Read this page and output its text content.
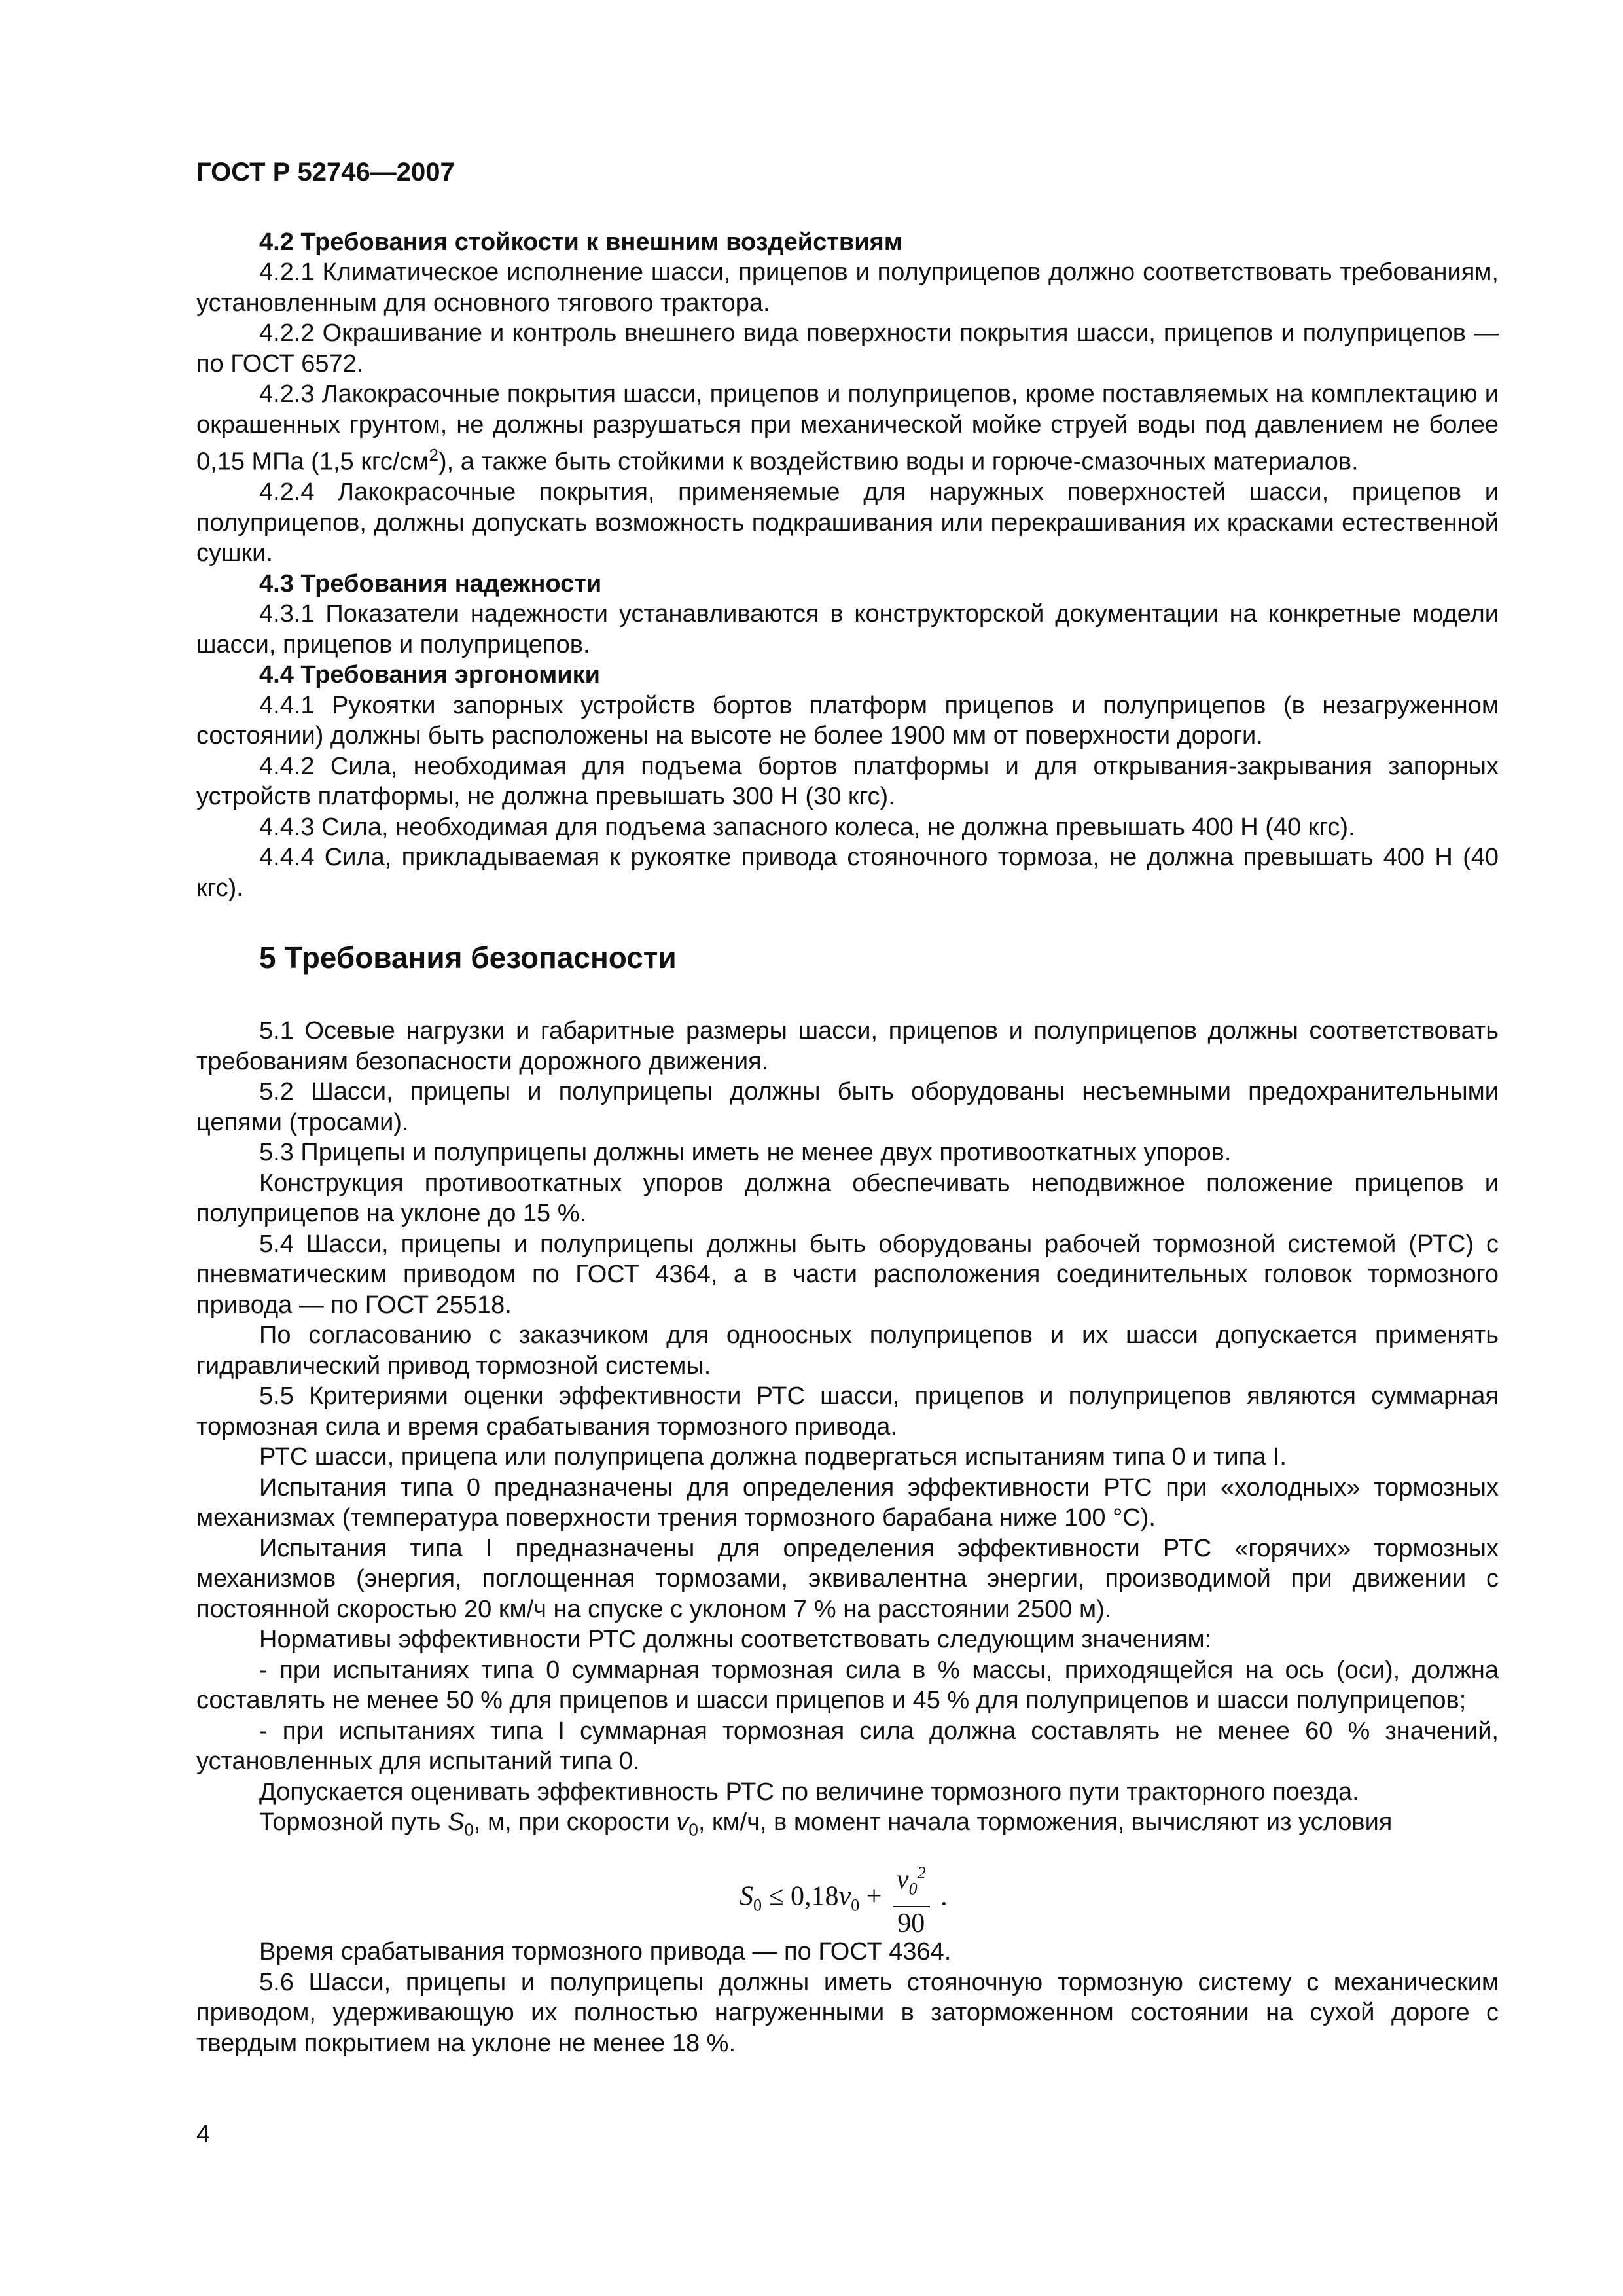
ГОСТ Р 52746—2007

4.2 Требования стойкости к внешним воздействиям

4.2.1 Климатическое исполнение шасси, прицепов и полуприцепов должно соответствовать требованиям, установленным для основного тягового трактора.

4.2.2 Окрашивание и контроль внешнего вида поверхности покрытия шасси, прицепов и полуприцепов — по ГОСТ 6572.

4.2.3 Лакокрасочные покрытия шасси, прицепов и полуприцепов, кроме поставляемых на комплектацию и окрашенных грунтом, не должны разрушаться при механической мойке струей воды под давлением не более 0,15 МПа (1,5 кгс/$см^2$), а также быть стойкими к воздействию воды и горюче-смазочных материалов.

4.2.4 Лакокрасочные покрытия, применяемые для наружных поверхностей шасси, прицепов и полуприцепов, должны допускать возможность подкрашивания или перекрашивания их красками естественной сушки.

4.3 Требования надежности

4.3.1 Показатели надежности устанавливаются в конструкторской документации на конкретные модели шасси, прицепов и полуприцепов.

4.4 Требования эргономики

4.4.1 Рукоятки запорных устройств бортов платформ прицепов и полуприцепов (в незагруженном состоянии) должны быть расположены на высоте не более 1900 мм от поверхности дороги.

4.4.2 Сила, необходимая для подъема бортов платформы и для открывания-закрывания запорных устройств платформы, не должна превышать 300 Н (30 кгс).

4.4.3 Сила, необходимая для подъема запасного колеса, не должна превышать 400 Н (40 кгс).

4.4.4 Сила, прикладываемая к рукоятке привода стояночного тормоза, не должна превышать 400 Н (40 кгс).

5 Требования безопасности

5.1 Осевые нагрузки и габаритные размеры шасси, прицепов и полуприцепов должны соответствовать требованиям безопасности дорожного движения.

5.2 Шасси, прицепы и полуприцепы должны быть оборудованы несъемными предохранительными цепями (тросами).

5.3 Прицепы и полуприцепы должны иметь не менее двух противооткатных упоров.

Конструкция противооткатных упоров должна обеспечивать неподвижное положение прицепов и полуприцепов на уклоне до 15 %.

5.4 Шасси, прицепы и полуприцепы должны быть оборудованы рабочей тормозной системой (РТС) с пневматическим приводом по ГОСТ 4364, а в части расположения соединительных головок тормозного привода — по ГОСТ 25518.

По согласованию с заказчиком для одноосных полуприцепов и их шасси допускается применять гидравлический привод тормозной системы.

5.5 Критериями оценки эффективности РТС шасси, прицепов и полуприцепов являются суммарная тормозная сила и время срабатывания тормозного привода.

РТС шасси, прицепа или полуприцепа должна подвергаться испытаниям типа 0 и типа I.

Испытания типа 0 предназначены для определения эффективности РТС при «холодных» тормозных механизмах (температура поверхности трения тормозного барабана ниже 100 °С).

Испытания типа I предназначены для определения эффективности РТС «горячих» тормозных механизмов (энергия, поглощенная тормозами, эквивалентна энергии, производимой при движении с постоянной скоростью 20 км/ч на спуске с уклоном 7 % на расстоянии 2500 м).

Нормативы эффективности РТС должны соответствовать следующим значениям:

- при испытаниях типа 0 суммарная тормозная сила в % массы, приходящейся на ось (оси), должна составлять не менее 50 % для прицепов и шасси прицепов и 45 % для полуприцепов и шасси полуприцепов;

- при испытаниях типа I суммарная тормозная сила должна составлять не менее 60 % значений, установленных для испытаний типа 0.

Допускается оценивать эффективность РТС по величине тормозного пути тракторного поезда.

Тормозной путь $S_0$, м, при скорости $v_0$, км/ч, в момент начала торможения, вычисляют из условия

$S_0 \le 0,18v_0 + \frac{v_0^2}{90}$ .

Время срабатывания тормозного привода — по ГОСТ 4364.

5.6 Шасси, прицепы и полуприцепы должны иметь стояночную тормозную систему с механическим приводом, удерживающую их полностью нагруженными в заторможенном состоянии на сухой дороге с твердым покрытием на уклоне не менее 18 %.

4
